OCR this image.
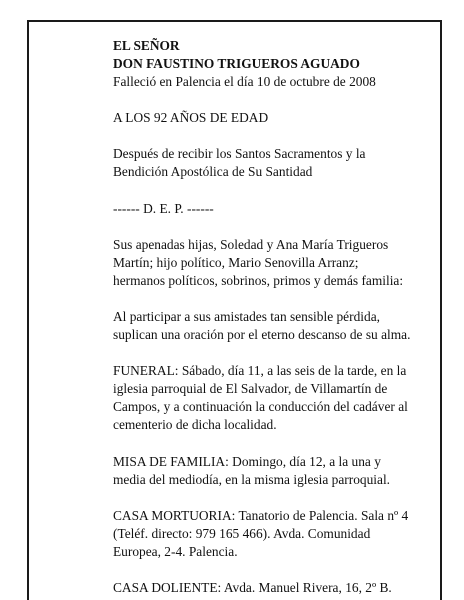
EL SEÑOR
DON FAUSTINO TRIGUEROS AGUADO
Falleció en Palencia el día 10 de octubre de 2008
A LOS 92 AÑOS DE EDAD
Después de recibir los Santos Sacramentos y la
Bendición Apostólica de Su Santidad
------ D. E. P. ------
Sus apenadas hijas, Soledad y Ana María Trigueros
Martín; hijo político, Mario Senovilla Arranz;
hermanos políticos, sobrinos, primos y demás familia:
Al participar a sus amistades tan sensible pérdida,
suplican una oración por el eterno descanso de su alma.
FUNERAL: Sábado, día 11, a las seis de la tarde, en la
iglesia parroquial de El Salvador, de Villamartín de
Campos, y a continuación la conducción del cadáver al
cementerio de dicha localidad.
MISA DE FAMILIA: Domingo, día 12, a la una y
media del mediodía, en la misma iglesia parroquial.
CASA MORTUORIA: Tanatorio de Palencia. Sala nº 4
(Teléf. directo: 979 165 466). Avda. Comunidad
Europea, 2-4. Palencia.
CASA DOLIENTE: Avda. Manuel Rivera, 16, 2º B.
